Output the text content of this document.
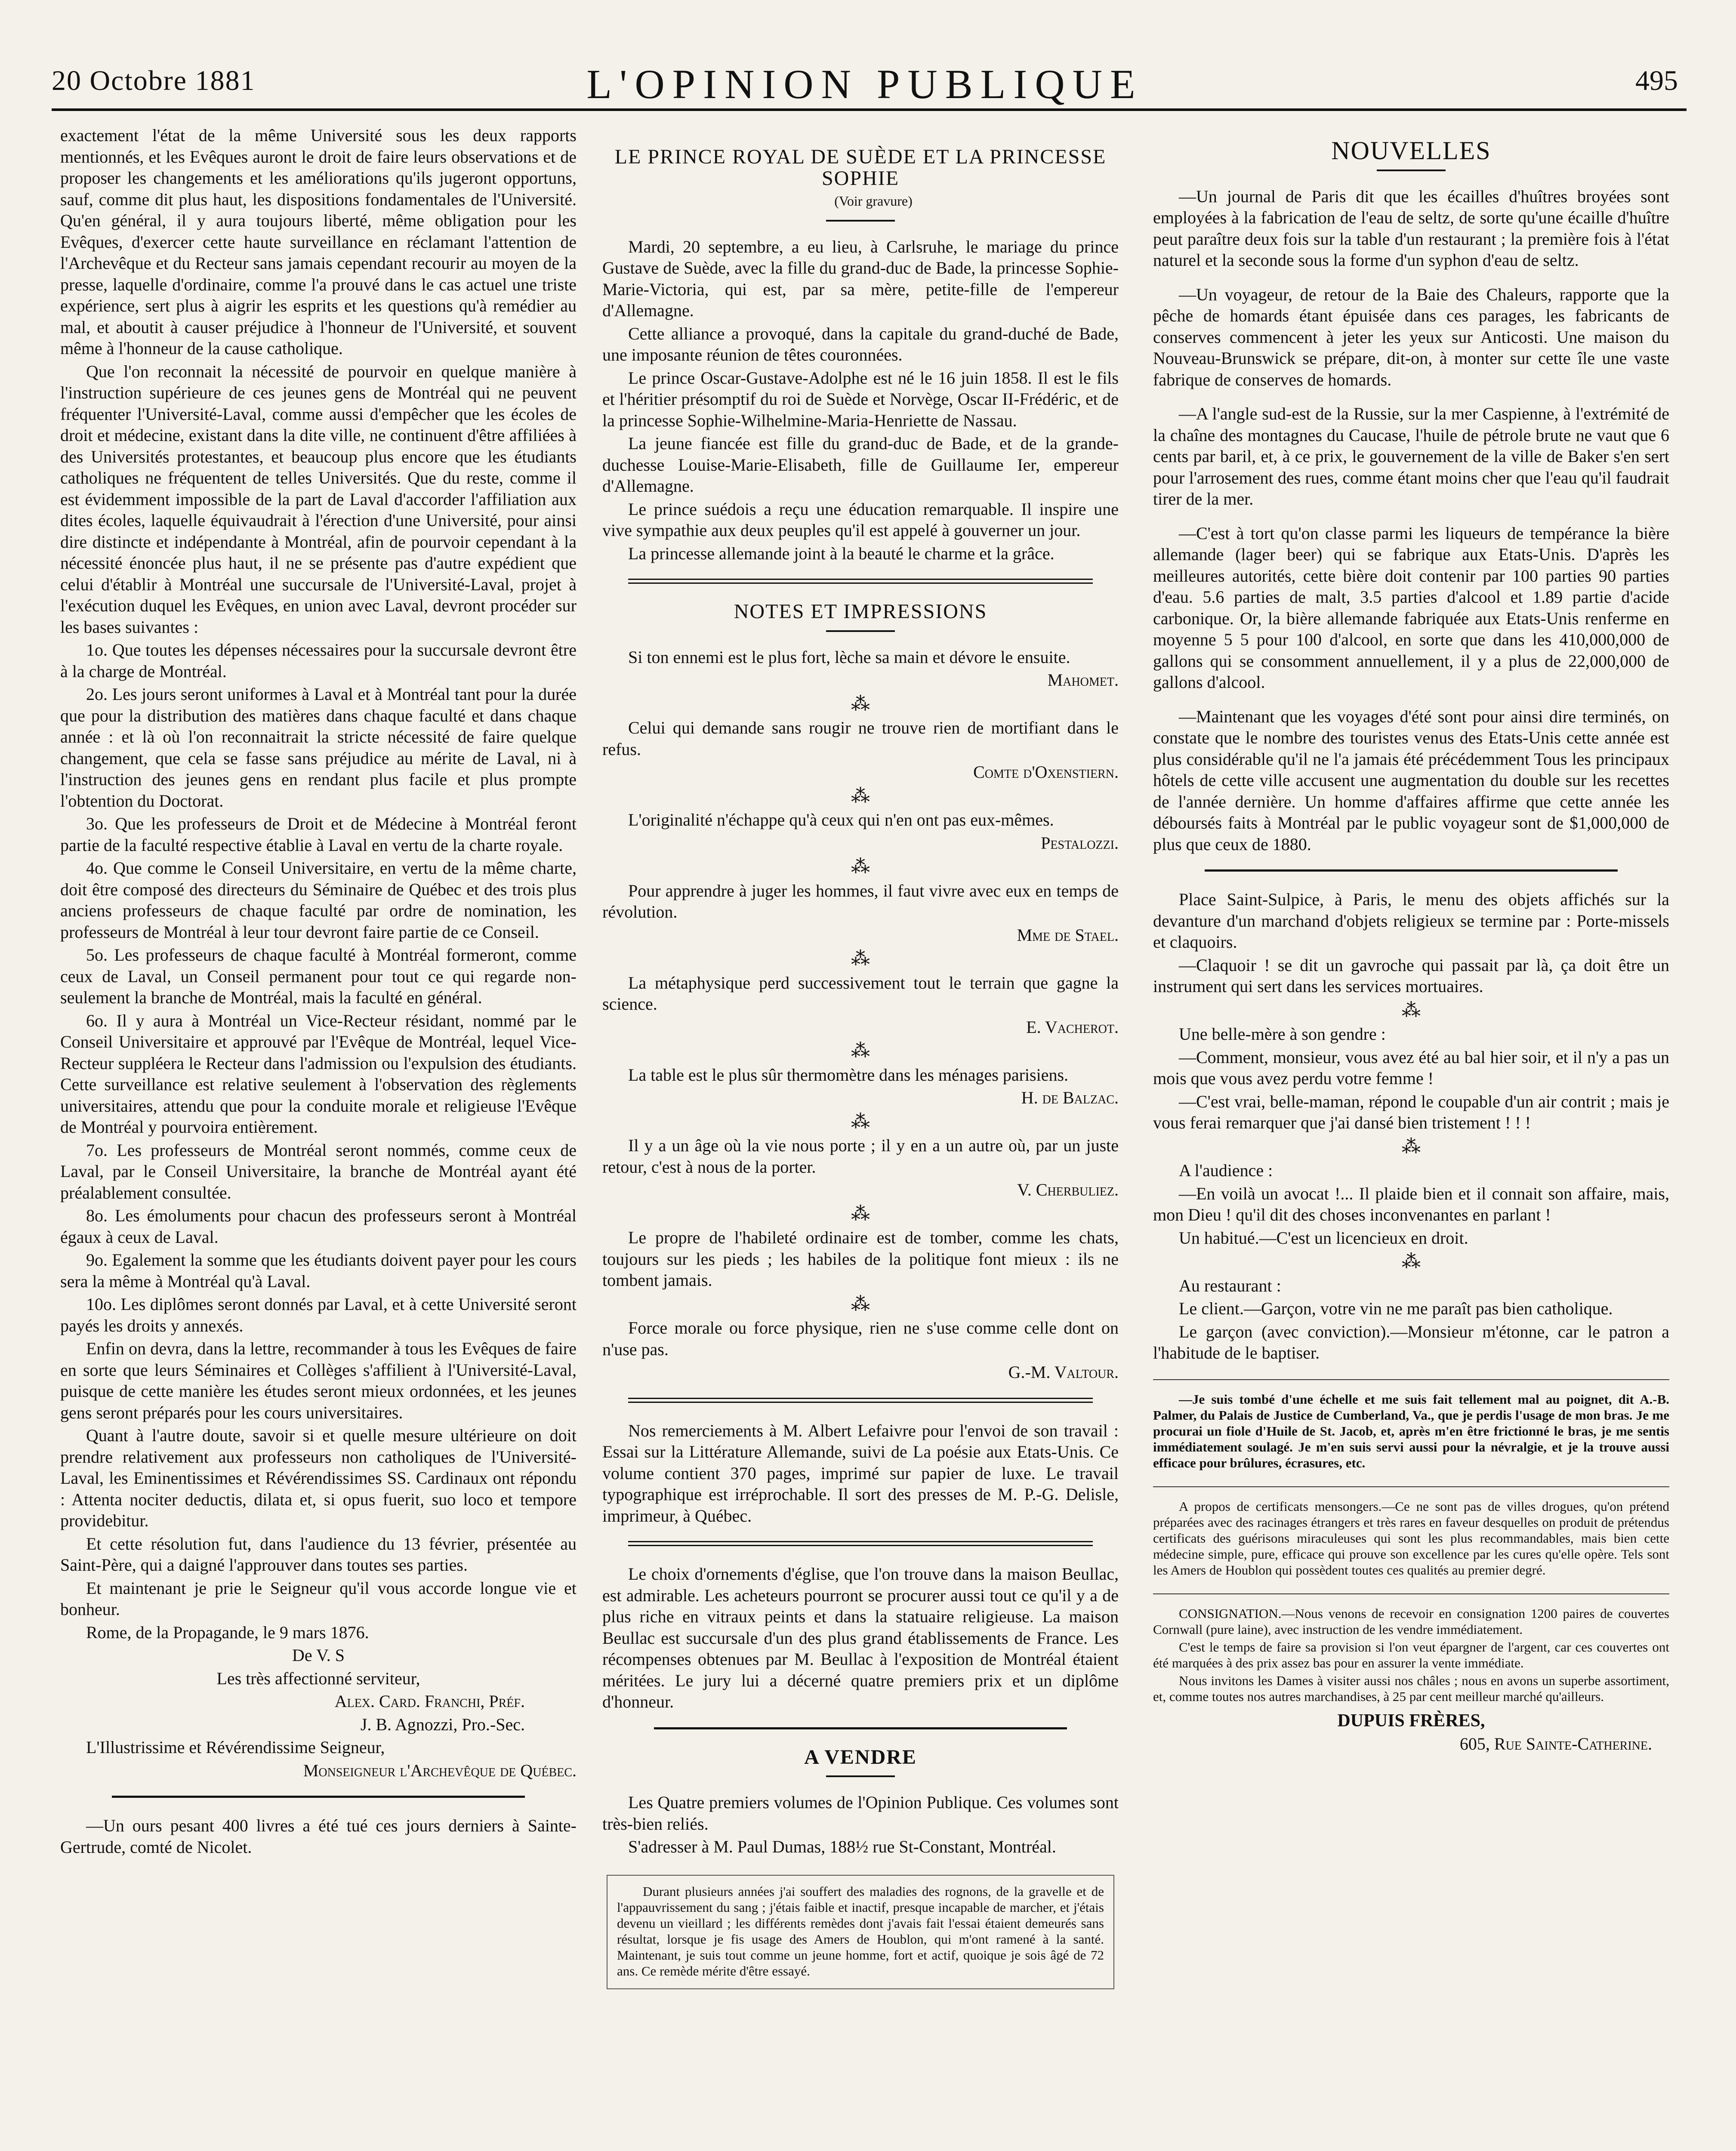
20 Octobre 1881	L'OPINION PUBLIQUE	495

exactement l'état de la même Université sous les deux rapports mentionnés, et les Evêques auront le droit de faire leurs observations et de proposer les changements et les améliorations qu'ils jugeront opportuns, sauf, comme dit plus haut, les dispositions fondamentales de l'Université. Qu'en général, il y aura toujours liberté, même obligation pour les Evêques, d'exercer cette haute surveillance en réclamant l'attention de l'Archevêque et du Recteur sans jamais cependant recourir au moyen de la presse, laquelle d'ordinaire, comme l'a prouvé dans le cas actuel une triste expérience, sert plus à aigrir les esprits et les questions qu'à remédier au mal, et aboutit à causer préjudice à l'honneur de l'Université, et souvent même à l'honneur de la cause catholique.

Que l'on reconnait la nécessité de pourvoir en quelque manière à l'instruction supérieure de ces jeunes gens de Montréal qui ne peuvent fréquenter l'Université-Laval, comme aussi d'empêcher que les écoles de droit et médecine, existant dans la dite ville, ne continuent d'être affiliées à des Universités protestantes, et beaucoup plus encore que les étudiants catholiques ne fréquentent de telles Universités. Que du reste, comme il est évidemment impossible de la part de Laval d'accorder l'affiliation aux dites écoles, laquelle équivaudrait à l'érection d'une Université, pour ainsi dire distincte et indépendante à Montréal, afin de pourvoir cependant à la nécessité énoncée plus haut, il ne se présente pas d'autre expédient que celui d'établir à Montréal une succursale de l'Université-Laval, projet à l'exécution duquel les Evêques, en union avec Laval, devront procéder sur les bases suivantes :

1o. Que toutes les dépenses nécessaires pour la succursale devront être à la charge de Montréal.

2o. Les jours seront uniformes à Laval et à Montréal tant pour la durée que pour la distribution des matières dans chaque faculté et dans chaque année : et là où l'on reconnaitrait la stricte nécessité de faire quelque changement, que cela se fasse sans préjudice au mérite de Laval, ni à l'instruction des jeunes gens en rendant plus facile et plus prompte l'obtention du Doctorat.

3o. Que les professeurs de Droit et de Médecine à Montréal feront partie de la faculté respective établie à Laval en vertu de la charte royale.

4o. Que comme le Conseil Universitaire, en vertu de la même charte, doit être composé des directeurs du Séminaire de Québec et des trois plus anciens professeurs de chaque faculté par ordre de nomination, les professeurs de Montréal à leur tour devront faire partie de ce Conseil.

5o. Les professeurs de chaque faculté à Montréal formeront, comme ceux de Laval, un Conseil permanent pour tout ce qui regarde non-seulement la branche de Montréal, mais la faculté en général.

6o. Il y aura à Montréal un Vice-Recteur résidant, nommé par le Conseil Universitaire et approuvé par l'Evêque de Montréal, lequel Vice-Recteur suppléera le Recteur dans l'admission ou l'expulsion des étudiants. Cette surveillance est relative seulement à l'observation des règlements universitaires, attendu que pour la conduite morale et religieuse l'Evêque de Montréal y pourvoira entièrement.

7o. Les professeurs de Montréal seront nommés, comme ceux de Laval, par le Conseil Universitaire, la branche de Montréal ayant été préalablement consultée.

8o. Les émoluments pour chacun des professeurs seront à Montréal égaux à ceux de Laval.

9o. Egalement la somme que les étudiants doivent payer pour les cours sera la même à Montréal qu'à Laval.

10o. Les diplômes seront donnés par Laval, et à cette Université seront payés les droits y annexés.

Enfin on devra, dans la lettre, recommander à tous les Evêques de faire en sorte que leurs Séminaires et Collèges s'affilient à l'Université-Laval, puisque de cette manière les études seront mieux ordonnées, et les jeunes gens seront préparés pour les cours universitaires.

Quant à l'autre doute, savoir si et quelle mesure ultérieure on doit prendre relativement aux professeurs non catholiques de l'Université-Laval, les Eminentissimes et Révérendissimes SS. Cardinaux ont répondu : Attenta nociter deductis, dilata et, si opus fuerit, suo loco et tempore providebitur.

Et cette résolution fut, dans l'audience du 13 février, présentée au Saint-Père, qui a daigné l'approuver dans toutes ses parties.

Et maintenant je prie le Seigneur qu'il vous accorde longue vie et bonheur.

Rome, de la Propagande, le 9 mars 1876.

De V. S

Les très affectionné serviteur,

Alex. Card. Franchi, Préf.

J. B. Agnozzi, Pro.-Sec.

L'Illustrissime et Révérendissime Seigneur,

Monseigneur l'Archevêque de Québec.

—Un ours pesant 400 livres a été tué ces jours derniers à Sainte-Gertrude, comté de Nicolet.

LE PRINCE ROYAL DE SUÈDE ET LA PRINCESSE SOPHIE

(Voir gravure)

Mardi, 20 septembre, a eu lieu, à Carlsruhe, le mariage du prince Gustave de Suède, avec la fille du grand-duc de Bade, la princesse Sophie-Marie-Victoria, qui est, par sa mère, petite-fille de l'empereur d'Allemagne.

Cette alliance a provoqué, dans la capitale du grand-duché de Bade, une imposante réunion de têtes couronnées.

Le prince Oscar-Gustave-Adolphe est né le 16 juin 1858. Il est le fils et l'héritier présomptif du roi de Suède et Norvège, Oscar II-Frédéric, et de la princesse Sophie-Wilhelmine-Maria-Henriette de Nassau.

La jeune fiancée est fille du grand-duc de Bade, et de la grande-duchesse Louise-Marie-Elisabeth, fille de Guillaume Ier, empereur d'Allemagne.

Le prince suédois a reçu une éducation remarquable. Il inspire une vive sympathie aux deux peuples qu'il est appelé à gouverner un jour.

La princesse allemande joint à la beauté le charme et la grâce.

NOTES ET IMPRESSIONS

Si ton ennemi est le plus fort, lèche sa main et dévore le ensuite.

Mahomet.

⁂

Celui qui demande sans rougir ne trouve rien de mortifiant dans le refus.

Comte d'Oxenstiern.

⁂

L'originalité n'échappe qu'à ceux qui n'en ont pas eux-mêmes.

Pestalozzi.

⁂

Pour apprendre à juger les hommes, il faut vivre avec eux en temps de révolution.

Mme de Stael.

⁂

La métaphysique perd successivement tout le terrain que gagne la science.

E. Vacherot.

⁂

La table est le plus sûr thermomètre dans les ménages parisiens.

H. de Balzac.

⁂

Il y a un âge où la vie nous porte ; il y en a un autre où, par un juste retour, c'est à nous de la porter.

V. Cherbuliez.

⁂

Le propre de l'habileté ordinaire est de tomber, comme les chats, toujours sur les pieds ; les habiles de la politique font mieux : ils ne tombent jamais.

⁂

Force morale ou force physique, rien ne s'use comme celle dont on n'use pas.

G.-M. Valtour.

Nos remerciements à M. Albert Lefaivre pour l'envoi de son travail : Essai sur la Littérature Allemande, suivi de La poésie aux Etats-Unis. Ce volume contient 370 pages, imprimé sur papier de luxe. Le travail typographique est irréprochable. Il sort des presses de M. P.-G. Delisle, imprimeur, à Québec.

Le choix d'ornements d'église, que l'on trouve dans la maison Beullac, est admirable. Les acheteurs pourront se procurer aussi tout ce qu'il y a de plus riche en vitraux peints et dans la statuaire religieuse. La maison Beullac est succursale d'un des plus grand établissements de France. Les récompenses obtenues par M. Beullac à l'exposition de Montréal étaient méritées. Le jury lui a décerné quatre premiers prix et un diplôme d'honneur.

A VENDRE

Les Quatre premiers volumes de l'Opinion Publique. Ces volumes sont très-bien reliés.

S'adresser à M. Paul Dumas, 188½ rue St-Constant, Montréal.

Durant plusieurs années j'ai souffert des maladies des rognons, de la gravelle et de l'appauvrissement du sang ; j'étais faible et inactif, presque incapable de marcher, et j'étais devenu un vieillard ; les différents remèdes dont j'avais fait l'essai étaient demeurés sans résultat, lorsque je fis usage des Amers de Houblon, qui m'ont ramené à la santé. Maintenant, je suis tout comme un jeune homme, fort et actif, quoique je sois âgé de 72 ans. Ce remède mérite d'être essayé.

NOUVELLES

—Un journal de Paris dit que les écailles d'huîtres broyées sont employées à la fabrication de l'eau de seltz, de sorte qu'une écaille d'huître peut paraître deux fois sur la table d'un restaurant ; la première fois à l'état naturel et la seconde sous la forme d'un syphon d'eau de seltz.

—Un voyageur, de retour de la Baie des Chaleurs, rapporte que la pêche de homards étant épuisée dans ces parages, les fabricants de conserves commencent à jeter les yeux sur Anticosti. Une maison du Nouveau-Brunswick se prépare, dit-on, à monter sur cette île une vaste fabrique de conserves de homards.

—A l'angle sud-est de la Russie, sur la mer Caspienne, à l'extrémité de la chaîne des montagnes du Caucase, l'huile de pétrole brute ne vaut que 6 cents par baril, et, à ce prix, le gouvernement de la ville de Baker s'en sert pour l'arrosement des rues, comme étant moins cher que l'eau qu'il faudrait tirer de la mer.

—C'est à tort qu'on classe parmi les liqueurs de tempérance la bière allemande (lager beer) qui se fabrique aux Etats-Unis. D'après les meilleures autorités, cette bière doit contenir par 100 parties 90 parties d'eau. 5.6 parties de malt, 3.5 parties d'alcool et 1.89 partie d'acide carbonique. Or, la bière allemande fabriquée aux Etats-Unis renferme en moyenne 5 5 pour 100 d'alcool, en sorte que dans les 410,000,000 de gallons qui se consomment annuellement, il y a plus de 22,000,000 de gallons d'alcool.

—Maintenant que les voyages d'été sont pour ainsi dire terminés, on constate que le nombre des touristes venus des Etats-Unis cette année est plus considérable qu'il ne l'a jamais été précédemment Tous les principaux hôtels de cette ville accusent une augmentation du double sur les recettes de l'année dernière. Un homme d'affaires affirme que cette année les déboursés faits à Montréal par le public voyageur sont de $1,000,000 de plus que ceux de 1880.

Place Saint-Sulpice, à Paris, le menu des objets affichés sur la devanture d'un marchand d'objets religieux se termine par : Porte-missels et claquoirs.

—Claquoir ! se dit un gavroche qui passait par là, ça doit être un instrument qui sert dans les services mortuaires.

⁂

Une belle-mère à son gendre :

—Comment, monsieur, vous avez été au bal hier soir, et il n'y a pas un mois que vous avez perdu votre femme !

—C'est vrai, belle-maman, répond le coupable d'un air contrit ; mais je vous ferai remarquer que j'ai dansé bien tristement ! ! !

⁂

A l'audience :

—En voilà un avocat !... Il plaide bien et il connait son affaire, mais, mon Dieu ! qu'il dit des choses inconvenantes en parlant !

Un habitué.—C'est un licencieux en droit.

⁂

Au restaurant :

Le client.—Garçon, votre vin ne me paraît pas bien catholique.

Le garçon (avec conviction).—Monsieur m'étonne, car le patron a l'habitude de le baptiser.

—Je suis tombé d'une échelle et me suis fait tellement mal au poignet, dit A.-B. Palmer, du Palais de Justice de Cumberland, Va., que je perdis l'usage de mon bras. Je me procurai un fiole d'Huile de St. Jacob, et, après m'en être frictionné le bras, je me sentis immédiatement soulagé. Je m'en suis servi aussi pour la névralgie, et je la trouve aussi efficace pour brûlures, écrasures, etc.

A propos de certificats mensongers.—Ce ne sont pas de villes drogues, qu'on prétend préparées avec des racinages étrangers et très rares en faveur desquelles on produit de prétendus certificats des guérisons miraculeuses qui sont les plus recommandables, mais bien cette médecine simple, pure, efficace qui prouve son excellence par les cures qu'elle opère. Tels sont les Amers de Houblon qui possèdent toutes ces qualités au premier degré.

CONSIGNATION.—Nous venons de recevoir en consignation 1200 paires de couvertes Cornwall (pure laine), avec instruction de les vendre immédiatement.

C'est le temps de faire sa provision si l'on veut épargner de l'argent, car ces couvertes ont été marquées à des prix assez bas pour en assurer la vente immédiate.

Nous invitons les Dames à visiter aussi nos châles ; nous en avons un superbe assortiment, et, comme toutes nos autres marchandises, à 25 par cent meilleur marché qu'ailleurs.

DUPUIS FRÈRES,

605, Rue Sainte-Catherine.
